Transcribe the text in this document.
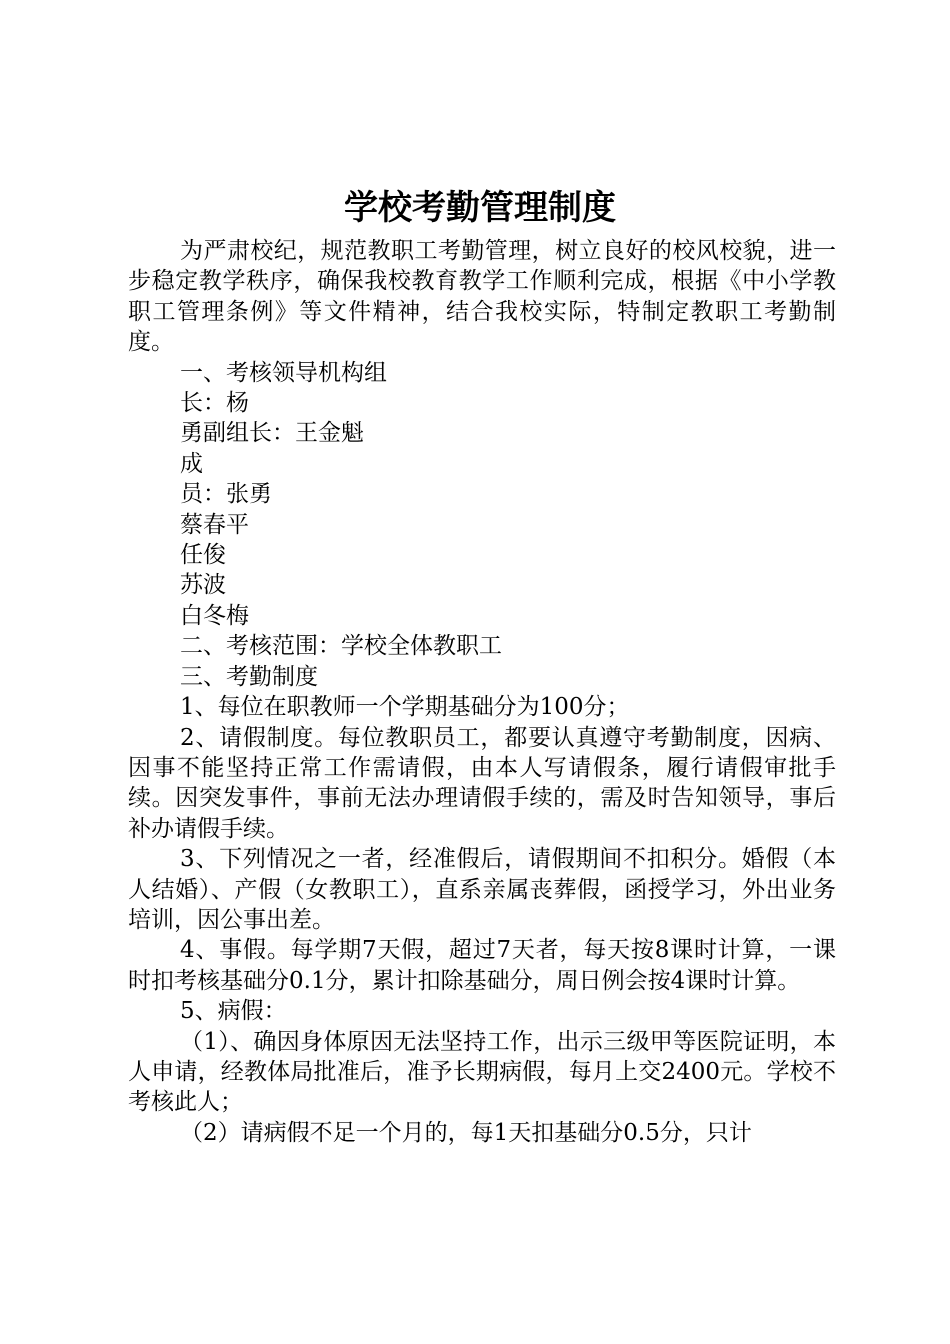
学校考勤管理制度

为严肃校纪，规范教职工考勤管理，树立良好的校风校貌，进一步稳定教学秩序，确保我校教育教学工作顺利完成，根据《中小学教职工管理条例》等文件精神，结合我校实际，特制定教职工考勤制度。

一、考核领导机构组

长：杨

勇副组长：王金魁

成

员：张勇

蔡春平

任俊

苏波

白冬梅

二、考核范围：学校全体教职工

三、考勤制度

1、每位在职教师一个学期基础分为100分；

2、请假制度。每位教职员工，都要认真遵守考勤制度，因病、因事不能坚持正常工作需请假，由本人写请假条，履行请假审批手续。因突发事件，事前无法办理请假手续的，需及时告知领导，事后补办请假手续。

3、下列情况之一者，经准假后，请假期间不扣积分。婚假（本人结婚）、产假（女教职工），直系亲属丧葬假，函授学习，外出业务培训，因公事出差。

4、事假。每学期7天假，超过7天者，每天按8课时计算，一课时扣考核基础分0.1分，累计扣除基础分，周日例会按4课时计算。

5、病假：

（1）、确因身体原因无法坚持工作，出示三级甲等医院证明，本人申请，经教体局批准后，准予长期病假，每月上交2400元。学校不考核此人；

（2）请病假不足一个月的，每1天扣基础分0.5分，只计
